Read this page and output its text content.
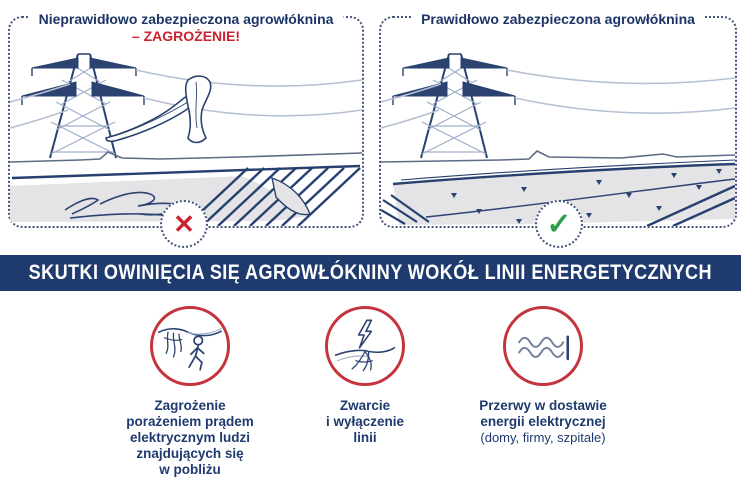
Nieprawidłowo zabezpieczona agrowłóknina
– ZAGROŻENIE!
Prawidłowo zabezpieczona agrowłóknina
✕	✓
SKUTKI OWINIĘCIA SIĘ AGROWŁÓKNINY WOKÓŁ LINII ENERGETYCZNYCH
Zagrożenie
porażeniem prądem
elektrycznym ludzi
znajdujących się
w pobliżu
Zwarcie
i wyłączenie
linii
Przerwy w dostawie
energii elektrycznej
(domy, firmy, szpitale)
